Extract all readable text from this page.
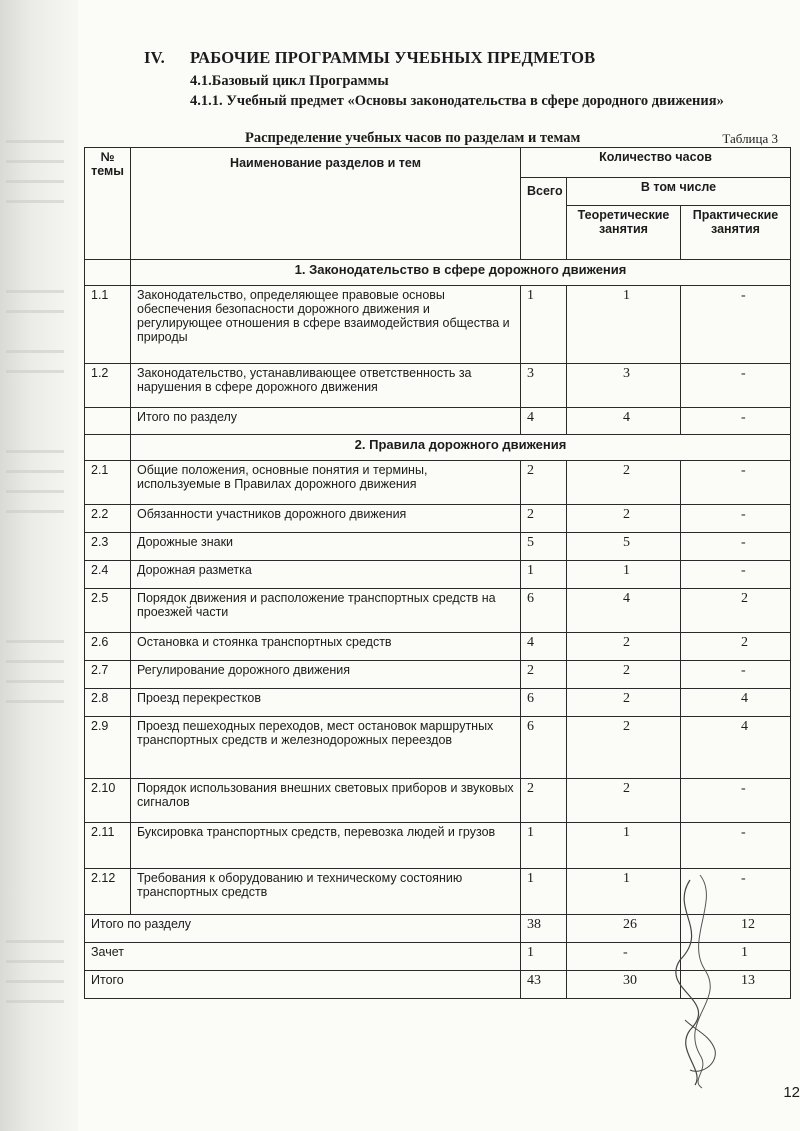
IV. РАБОЧИЕ ПРОГРАММЫ УЧЕБНЫХ ПРЕДМЕТОВ
4.1.Базовый цикл Программы
4.1.1. Учебный предмет «Основы законодательства в сфере дородного движения»
Распределение учебных часов по разделам и темам	Таблица 3
№ темы	Наименование разделов и тем	Количество часов		
		Всего	В том числе	
			Теоретические занятия	Практические занятия
	1. Законодательство в сфере дорожного движения			
1.1	Законодательство, определяющее правовые основы обеспечения безопасности дорожного движения и регулирующее отношения в сфере взаимодействия общества и природы	1	1	-
1.2	Законодательство, устанавливающее ответственность за нарушения в сфере дорожного движения	3	3	-
	Итого по разделу	4	4	-
	2. Правила дорожного движения			
2.1	Общие положения, основные понятия и термины, используемые в Правилах дорожного движения	2	2	-
2.2	Обязанности участников дорожного движения	2	2	-
2.3	Дорожные знаки	5	5	-
2.4	Дорожная разметка	1	1	-
2.5	Порядок движения и расположение транспортных средств на проезжей части	6	4	2
2.6	Остановка и стоянка транспортных средств	4	2	2
2.7	Регулирование дорожного движения	2	2	-
2.8	Проезд перекрестков	6	2	4
2.9	Проезд пешеходных переходов, мест остановок маршрутных транспортных средств и железнодорожных переездов	6	2	4
2.10	Порядок использования внешних световых приборов и звуковых сигналов	2	2	-
2.11	Буксировка транспортных средств, перевозка людей и грузов	1	1	-
2.12	Требования к оборудованию и техническому состоянию транспортных средств	1	1	-
Итого по разделу		38	26	12
Зачет		1	-	1
Итого		43	30	13
12
